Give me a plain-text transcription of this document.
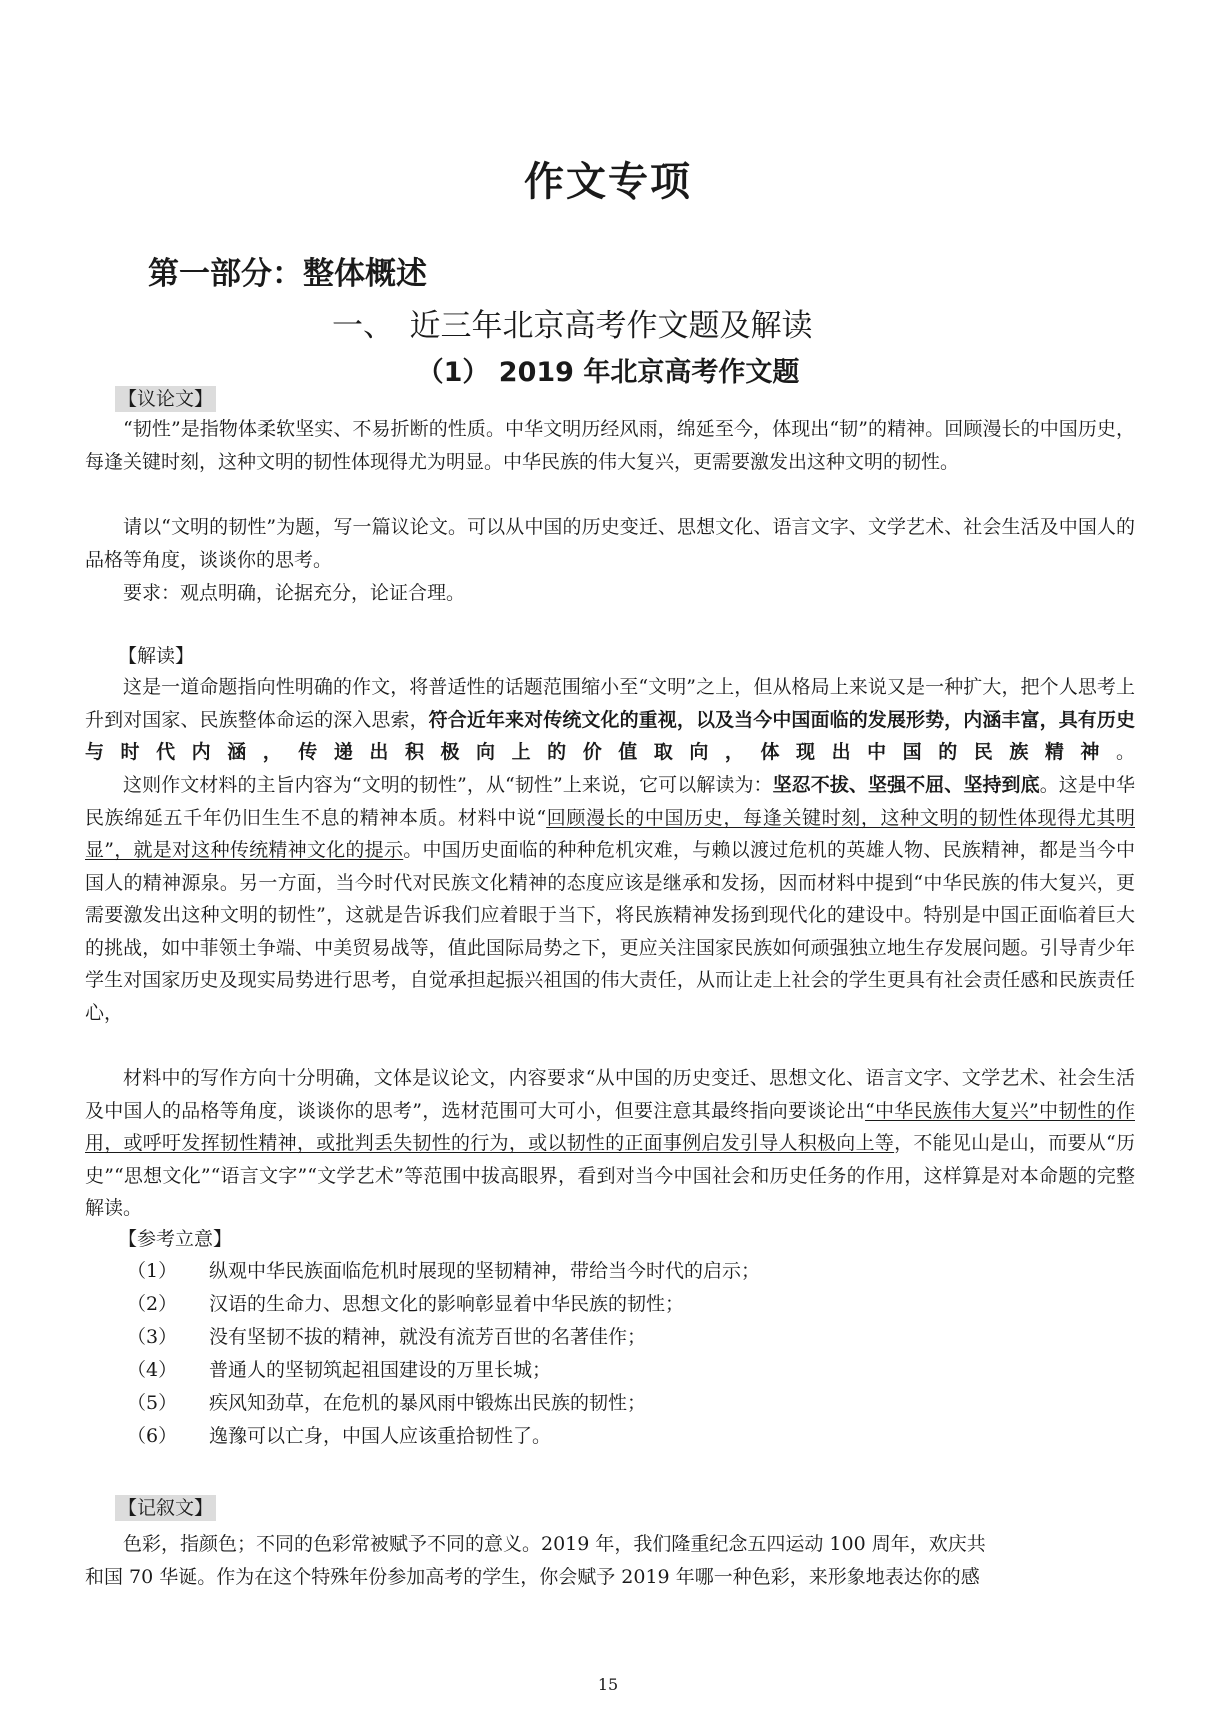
作文专项
第一部分：整体概述
一、　近三年北京高考作文题及解读
（1） 2019 年北京高考作文题
【议论文】

“韧性”是指物体柔软坚实、不易折断的性质。中华文明历经风雨，绵延至今，体现出“韧”的精神。回顾漫长的中国历史，每逢关键时刻，这种文明的韧性体现得尤为明显。中华民族的伟大复兴，更需要激发出这种文明的韧性。

请以“文明的韧性”为题，写一篇议论文。可以从中国的历史变迁、思想文化、语言文字、文学艺术、社会生活及中国人的品格等角度，谈谈你的思考。

要求：观点明确，论据充分，论证合理。

【解读】

这是一道命题指向性明确的作文，将普适性的话题范围缩小至“文明”之上，但从格局上来说又是一种扩大，把个人思考上升到对国家、民族整体命运的深入思索，符合近年来对传统文化的重视，以及当今中国面临的发展形势，内涵丰富，具有历史与时代内涵，传递出积极向上的价值取向，体现出中国的民族精神。

这则作文材料的主旨内容为“文明的韧性”，从“韧性”上来说，它可以解读为：坚忍不拔、坚强不屈、坚持到底。这是中华民族绵延五千年仍旧生生不息的精神本质。材料中说“回顾漫长的中国历史，每逢关键时刻，这种文明的韧性体现得尤其明显”，就是对这种传统精神文化的提示。中国历史面临的种种危机灾难，与赖以渡过危机的英雄人物、民族精神，都是当今中国人的精神源泉。另一方面，当今时代对民族文化精神的态度应该是继承和发扬，因而材料中提到“中华民族的伟大复兴，更需要激发出这种文明的韧性”，这就是告诉我们应着眼于当下，将民族精神发扬到现代化的建设中。特别是中国正面临着巨大的挑战，如中菲领土争端、中美贸易战等，值此国际局势之下，更应关注国家民族如何顽强独立地生存发展问题。引导青少年学生对国家历史及现实局势进行思考，自觉承担起振兴祖国的伟大责任，从而让走上社会的学生更具有社会责任感和民族责任心，

材料中的写作方向十分明确，文体是议论文，内容要求“从中国的历史变迁、思想文化、语言文字、文学艺术、社会生活及中国人的品格等角度，谈谈你的思考”，选材范围可大可小，但要注意其最终指向要谈论出“中华民族伟大复兴”中韧性的作用，或呼吁发挥韧性精神，或批判丢失韧性的行为，或以韧性的正面事例启发引导人积极向上等，不能见山是山，而要从“历史”“思想文化”“语言文字”“文学艺术”等范围中拔高眼界，看到对当今中国社会和历史任务的作用，这样算是对本命题的完整解读。

【参考立意】
（1） 纵观中华民族面临危机时展现的坚韧精神，带给当今时代的启示；
（2） 汉语的生命力、思想文化的影响彰显着中华民族的韧性；
（3） 没有坚韧不拔的精神，就没有流芳百世的名著佳作；
（4） 普通人的坚韧筑起祖国建设的万里长城；
（5） 疾风知劲草，在危机的暴风雨中锻炼出民族的韧性；
（6） 逸豫可以亡身，中国人应该重拾韧性了。
【记叙文】
色彩，指颜色；不同的色彩常被赋予不同的意义。2019 年，我们隆重纪念五四运动 100 周年，欢庆共
和国 70 华诞。作为在这个特殊年份参加高考的学生，你会赋予 2019 年哪一种色彩，来形象地表达你的感
15
